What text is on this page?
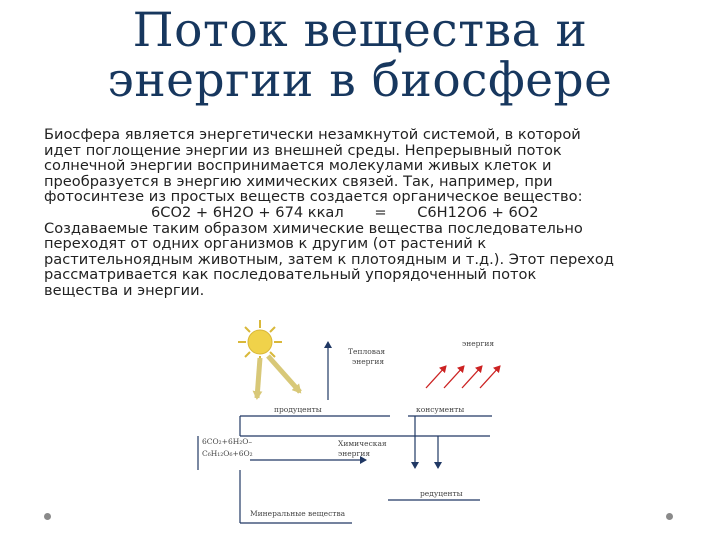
Поток вещества и
энергии в биосфере
Биосфера является энергетически незамкнутой системой, в которой
идет поглощение энергии из внешней среды. Непрерывный поток
солнечной энергии воспринимается молекулами живых клеток и
преобразуется в энергию химических связей. Так, например, при
фотосинтезе из простых веществ создается органическое вещество:
6CO2 + 6H2O + 674 ккал = C6H12O6 + 6O2
Создаваемые таким образом химические вещества последовательно
переходят от одних организмов к другим (от растений к
растительноядным животным, затем к плотоядным и т.д.). Этот переход
рассматривается как последовательный упорядоченный поток
вещества и энергии.
Тепловая
энергия
энергия
продуценты	консументы
6CO₂+6H₂O–
C₆H₁₂O₆+6O₂
Химическая
энергия
редуценты
Минеральные вещества
